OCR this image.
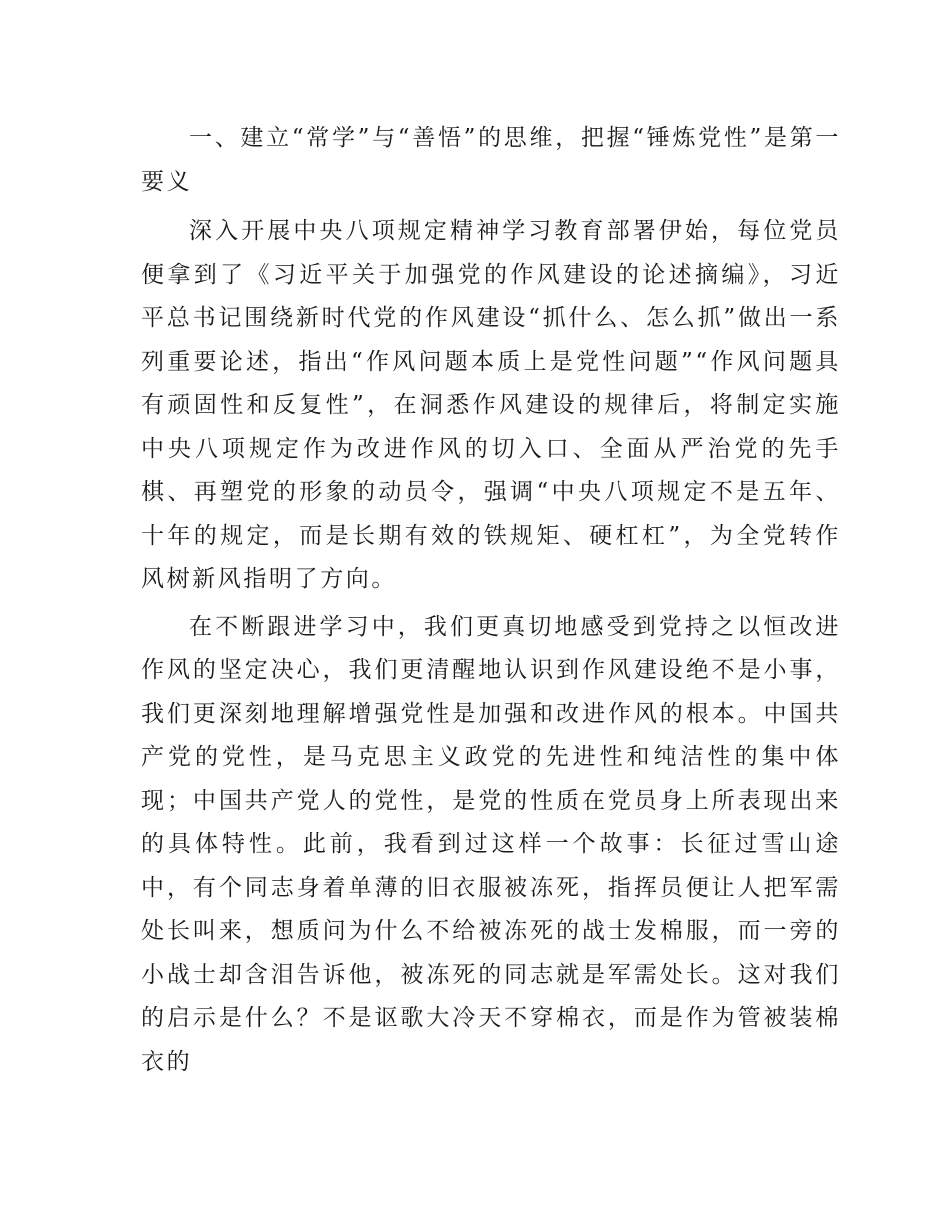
一、建立“常学”与“善悟”的思维，把握“锤炼党性”是第一要义

深入开展中央八项规定精神学习教育部署伊始，每位党员便拿到了《习近平关于加强党的作风建设的论述摘编》，习近平总书记围绕新时代党的作风建设“抓什么、怎么抓”做出一系列重要论述，指出“作风问题本质上是党性问题”“作风问题具有顽固性和反复性”，在洞悉作风建设的规律后，将制定实施中央八项规定作为改进作风的切入口、全面从严治党的先手棋、再塑党的形象的动员令，强调“中央八项规定不是五年、十年的规定，而是长期有效的铁规矩、硬杠杠”，为全党转作风树新风指明了方向。

在不断跟进学习中，我们更真切地感受到党持之以恒改进作风的坚定决心，我们更清醒地认识到作风建设绝不是小事，我们更深刻地理解增强党性是加强和改进作风的根本。中国共产党的党性，是马克思主义政党的先进性和纯洁性的集中体现；中国共产党人的党性，是党的性质在党员身上所表现出来的具体特性。此前，我看到过这样一个故事：长征过雪山途中，有个同志身着单薄的旧衣服被冻死，指挥员便让人把军需处长叫来，想质问为什么不给被冻死的战士发棉服，而一旁的小战士却含泪告诉他，被冻死的同志就是军需处长。这对我们的启示是什么？不是讴歌大冷天不穿棉衣，而是作为管被装棉衣的
